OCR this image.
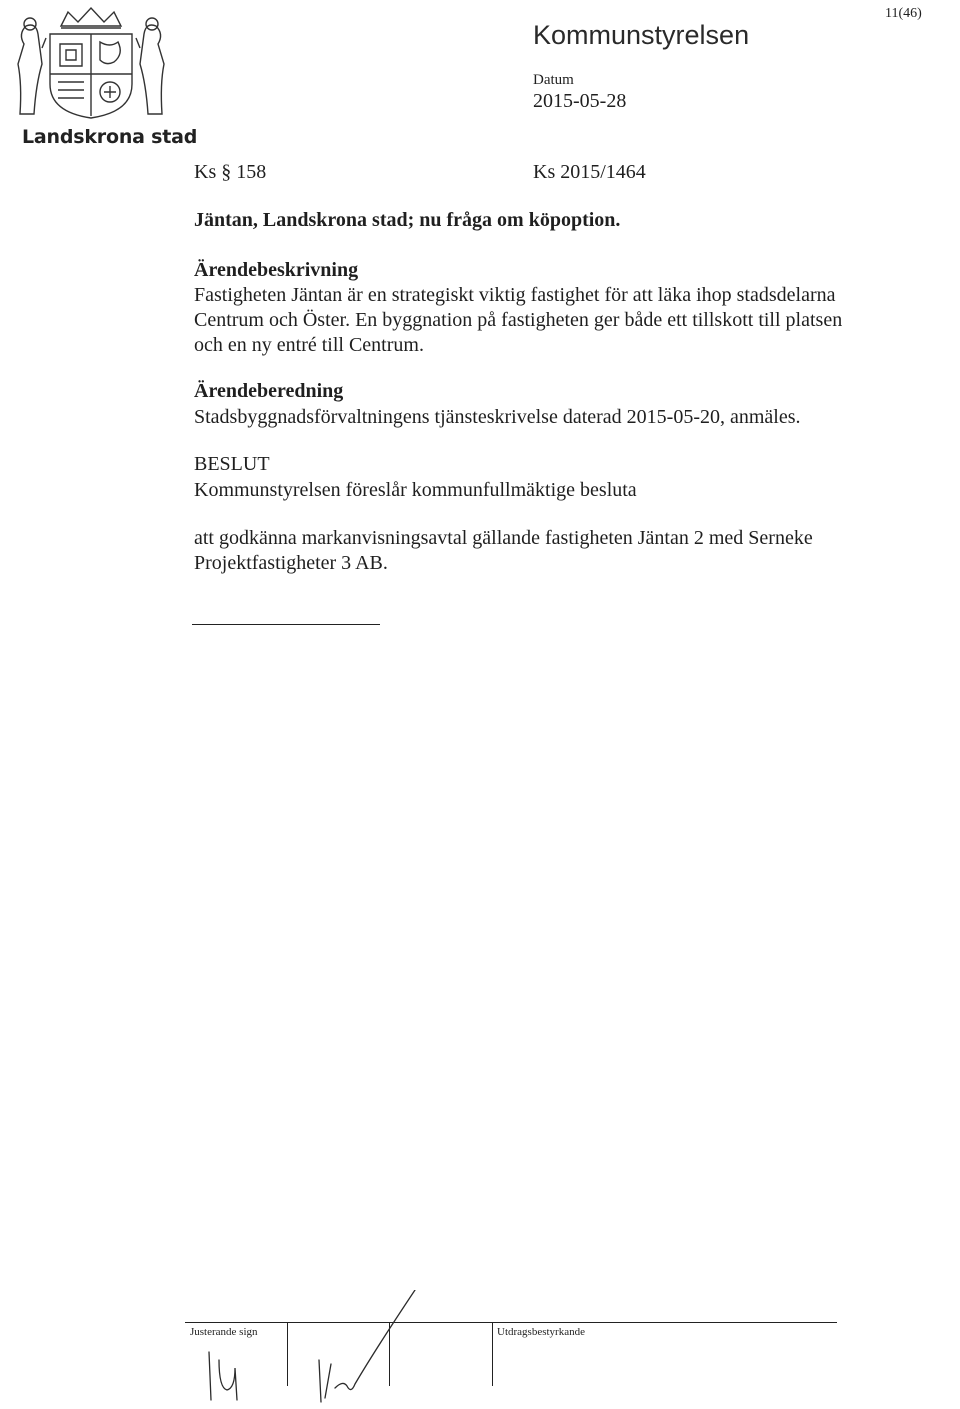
Landskrona stad
11(46)
Kommunstyrelsen
Datum
2015-05-28
Ks § 158	Ks 2015/1464
Jäntan, Landskrona stad; nu fråga om köpoption.
Ärendebeskrivning
Fastigheten Jäntan är en strategiskt viktig fastighet för att läka ihop stadsdelarna
Centrum och Öster. En byggnation på fastigheten ger både ett tillskott till platsen
och en ny entré till Centrum.
Ärendeberedning
Stadsbyggnadsförvaltningens tjänsteskrivelse daterad 2015-05-20, anmäles.
BESLUT
Kommunstyrelsen föreslår kommunfullmäktige besluta
att godkänna markanvisningsavtal gällande fastigheten Jäntan 2 med Serneke
Projektfastigheter 3 AB.
Justerande sign	Utdragsbestyrkande
